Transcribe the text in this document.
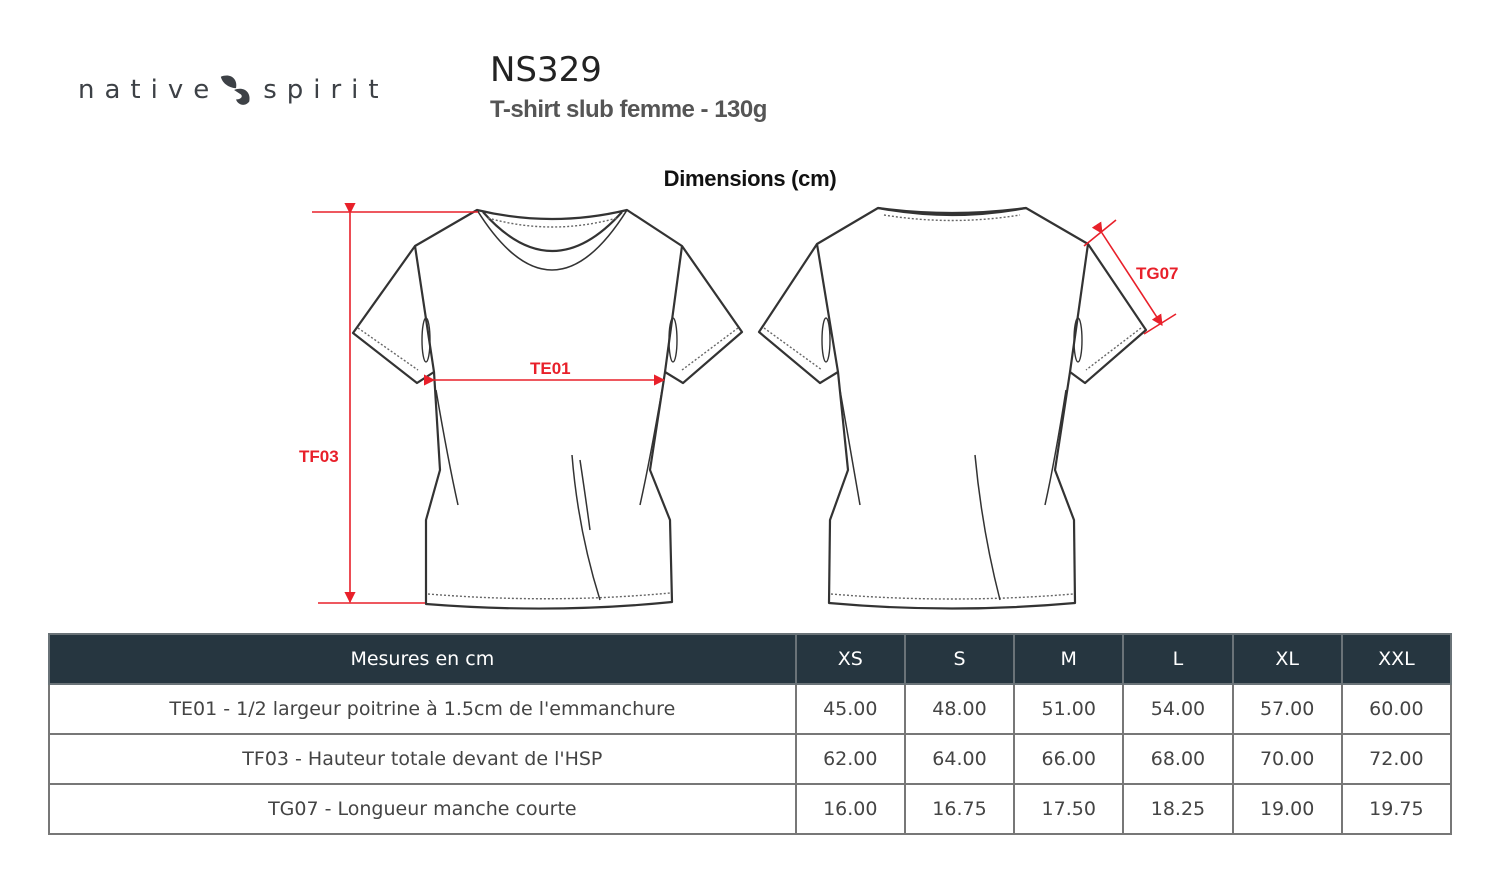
native spirit	NS329
T-shirt slub femme - 130g
Dimensions (cm)
TF03
TE01
TG07
Mesures en cm	XS	S	M	L	XL	XXL
TE01 - 1/2 largeur poitrine à 1.5cm de l'emmanchure	45.00	48.00	51.00	54.00	57.00	60.00
TF03 - Hauteur totale devant de l'HSP	62.00	64.00	66.00	68.00	70.00	72.00
TG07 - Longueur manche courte	16.00	16.75	17.50	18.25	19.00	19.75
